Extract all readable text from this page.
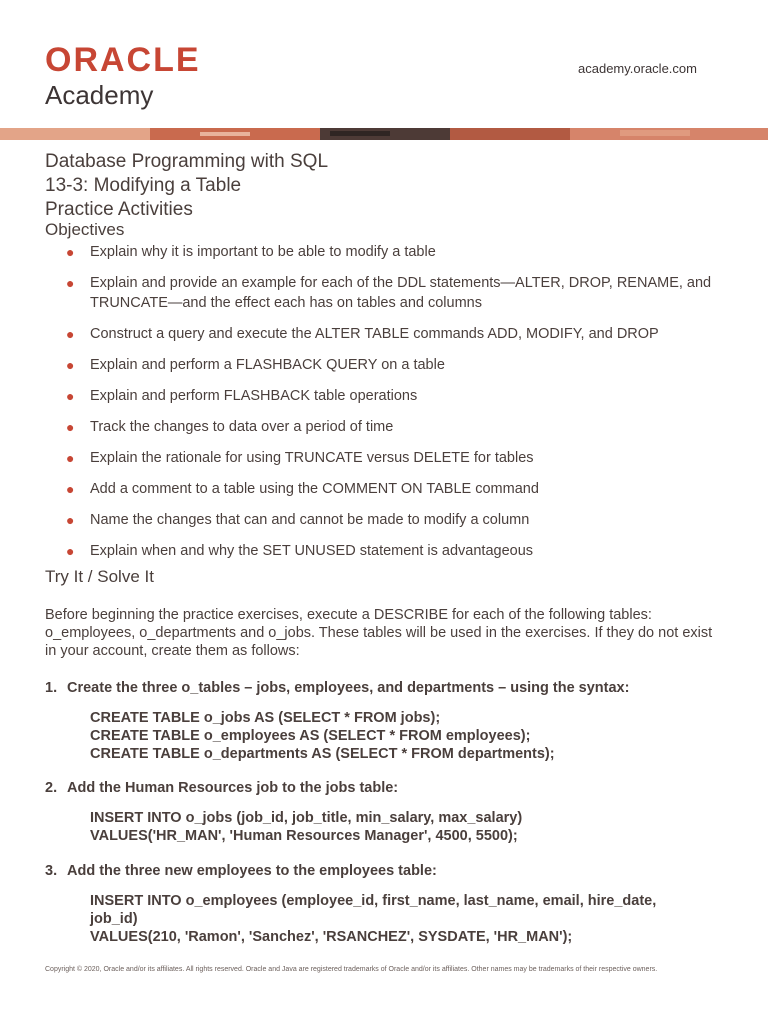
ORACLE
Academy
academy.oracle.com
Database Programming with SQL
13-3: Modifying a Table
Practice Activities
Objectives
● Explain why it is important to be able to modify a table
● Explain and provide an example for each of the DDL statements—ALTER, DROP, RENAME, and TRUNCATE—and the effect each has on tables and columns
● Construct a query and execute the ALTER TABLE commands ADD, MODIFY, and DROP
● Explain and perform a FLASHBACK QUERY on a table
● Explain and perform FLASHBACK table operations
● Track the changes to data over a period of time
● Explain the rationale for using TRUNCATE versus DELETE for tables
● Add a comment to a table using the COMMENT ON TABLE command
● Name the changes that can and cannot be made to modify a column
● Explain when and why the SET UNUSED statement is advantageous
Try It / Solve It

Before beginning the practice exercises, execute a DESCRIBE for each of the following tables: o_employees, o_departments and o_jobs. These tables will be used in the exercises. If they do not exist in your account, create them as follows:

1. Create the three o_tables – jobs, employees, and departments – using the syntax:
CREATE TABLE o_jobs AS (SELECT * FROM jobs);
CREATE TABLE o_employees AS (SELECT * FROM employees);
CREATE TABLE o_departments AS (SELECT * FROM departments);
2. Add the Human Resources job to the jobs table:
INSERT INTO o_jobs (job_id, job_title, min_salary, max_salary)
VALUES('HR_MAN', 'Human Resources Manager', 4500, 5500);
3. Add the three new employees to the employees table:
INSERT INTO o_employees (employee_id, first_name, last_name, email, hire_date,
job_id)
VALUES(210, 'Ramon', 'Sanchez', 'RSANCHEZ', SYSDATE, 'HR_MAN');
Copyright © 2020, Oracle and/or its affiliates. All rights reserved. Oracle and Java are registered trademarks of Oracle and/or its affiliates. Other names may be trademarks of their respective owners.
